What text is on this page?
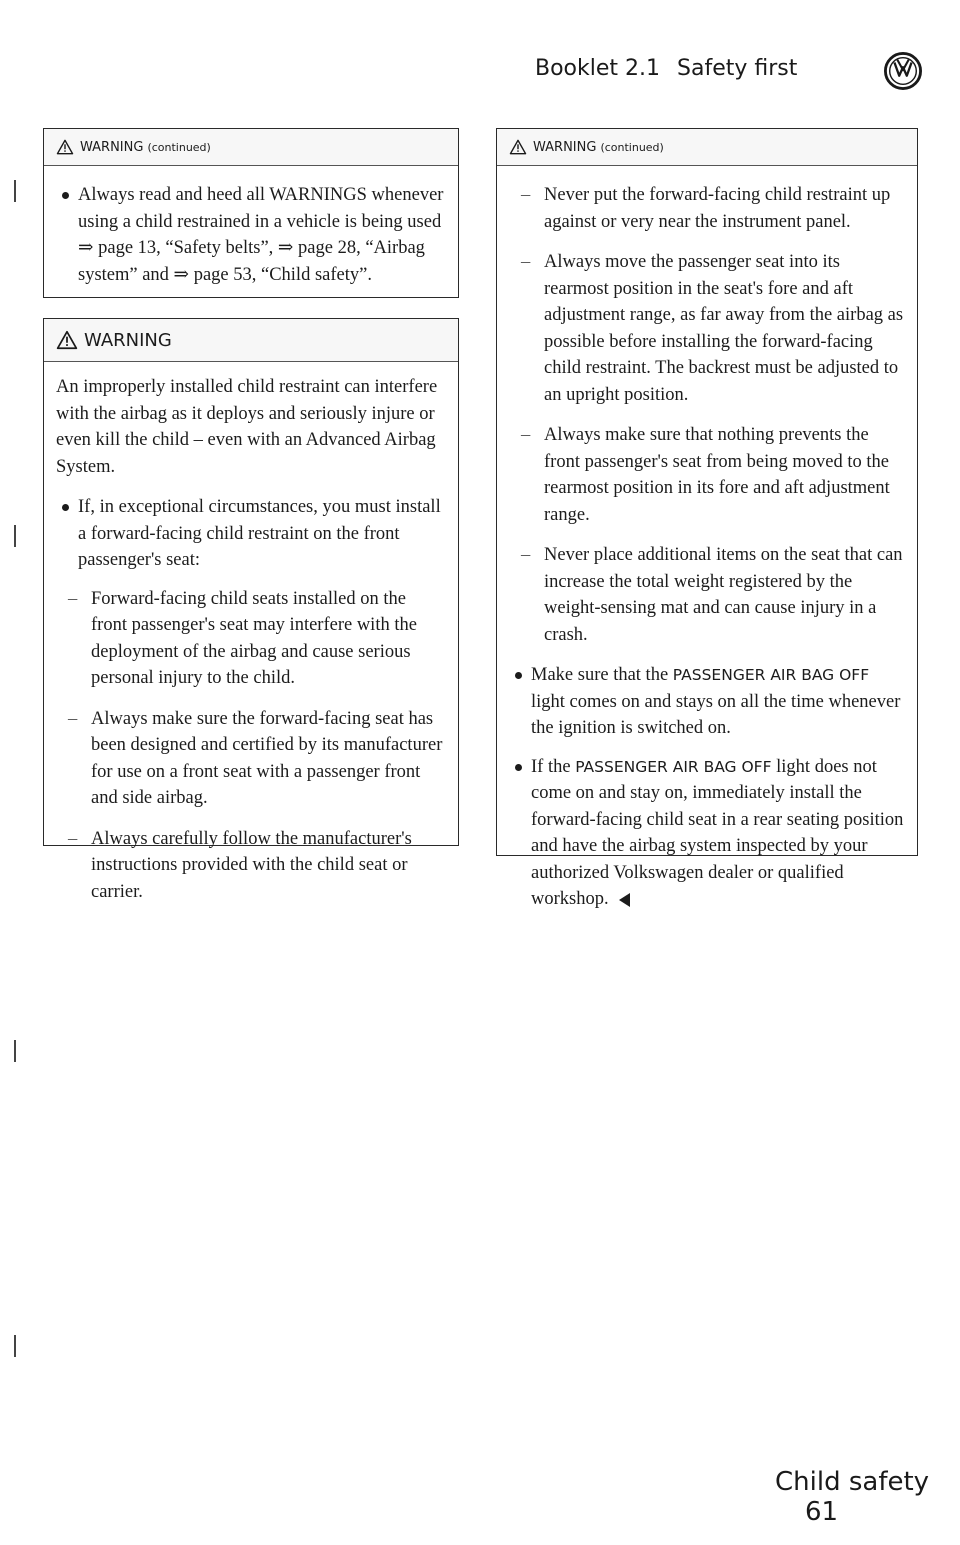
Booklet 2.1 Safety first
WARNING (continued)
Always read and heed all WARNINGS whenever using a child restrained in a vehicle is being used ⇒ page 13, “Safety belts”, ⇒ page 28, “Airbag system” and ⇒ page 53, “Child safety”.
WARNING
An improperly installed child restraint can interfere with the airbag as it deploys and seriously injure or even kill the child – even with an Advanced Airbag System.
If, in exceptional circumstances, you must install a forward-facing child restraint on the front passenger's seat:
– Forward-facing child seats installed on the front passenger's seat may interfere with the deployment of the airbag and cause serious personal injury to the child.
– Always make sure the forward-facing seat has been designed and certified by its manufacturer for use on a front seat with a passenger front and side airbag.
– Always carefully follow the manufacturer's instructions provided with the child seat or carrier.
WARNING (continued)
– Never put the forward-facing child restraint up against or very near the instrument panel.
– Always move the passenger seat into its rearmost position in the seat's fore and aft adjustment range, as far away from the airbag as possible before installing the forward-facing child restraint. The backrest must be adjusted to an upright position.
– Always make sure that nothing prevents the front passenger's seat from being moved to the rearmost position in its fore and aft adjustment range.
– Never place additional items on the seat that can increase the total weight registered by the weight-sensing mat and can cause injury in a crash.
Make sure that the PASSENGER AIR BAG OFF light comes on and stays on all the time whenever the ignition is switched on.
If the PASSENGER AIR BAG OFF light does not come on and stay on, immediately install the forward-facing child seat in a rear seating position and have the airbag system inspected by your authorized Volkswagen dealer or qualified workshop.
Child safety 61
